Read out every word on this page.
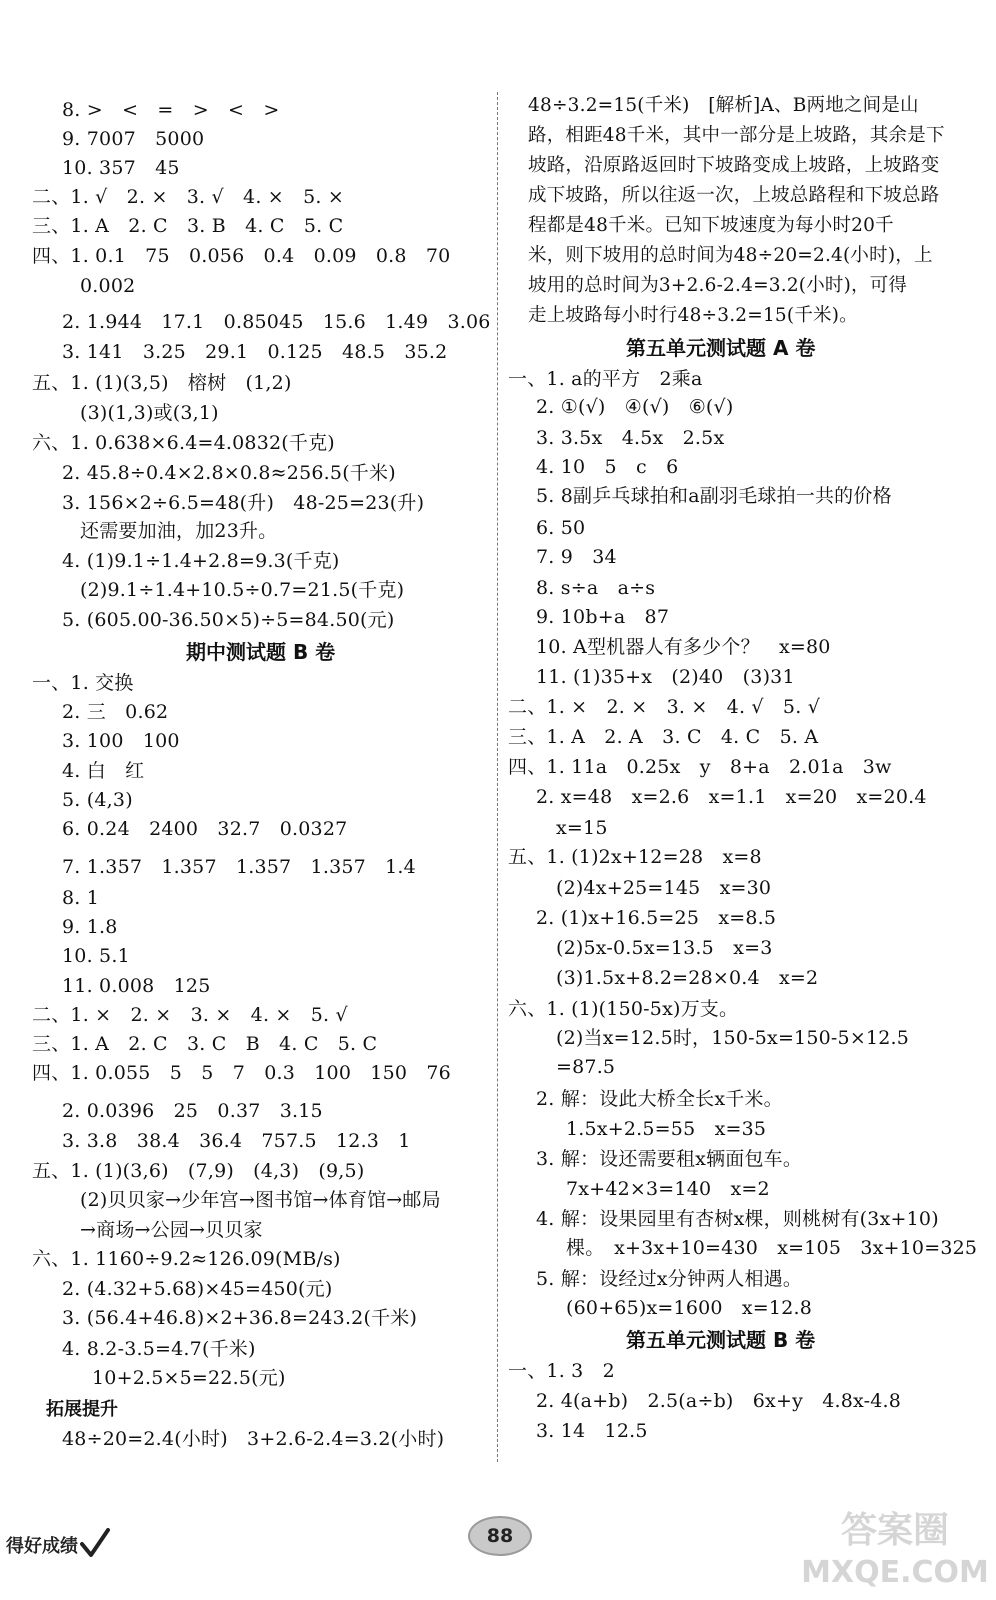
8. >　<　=　>　<　>
9. 7007　5000
10. 357　45
二、1. √　2. ×　3. √　4. ×　5. ×
三、1. A　2. C　3. B　4. C　5. C
四、1. 0.1　75　0.056　0.4　0.09　0.8　70
0.002
2. 1.944　17.1　0.85045　15.6　1.49　3.06
3. 141　3.25　29.1　0.125　48.5　35.2
五、1. (1)(3,5)　榕树　(1,2)
(3)(1,3)或(3,1)
六、1. 0.638×6.4=4.0832(千克)
2. 45.8÷0.4×2.8×0.8≈256.5(千米)
3. 156×2÷6.5=48(升)　48-25=23(升)
还需要加油，加23升。
4. (1)9.1÷1.4+2.8=9.3(千克)
(2)9.1÷1.4+10.5÷0.7=21.5(千克)
5. (605.00-36.50×5)÷5=84.50(元)
期中测试题 B 卷
一、1. 交换
2. 三　0.62
3. 100　100
4. 白　红
5. (4,3)
6. 0.24　2400　32.7　0.0327
7. 1.357　1.357　1.357　1.357　1.4
8. 1
9. 1.8
10. 5.1
11. 0.008　125
二、1. ×　2. ×　3. ×　4. ×　5. √
三、1. A　2. C　3. C　B　4. C　5. C
四、1. 0.055　5　5　7　0.3　100　150　76
2. 0.0396　25　0.37　3.15
3. 3.8　38.4　36.4　757.5　12.3　1
五、1. (1)(3,6)　(7,9)　(4,3)　(9,5)
(2)贝贝家→少年宫→图书馆→体育馆→邮局
→商场→公园→贝贝家
六、1. 1160÷9.2≈126.09(MB/s)
2. (4.32+5.68)×45=450(元)
3. (56.4+46.8)×2+36.8=243.2(千米)
4. 8.2-3.5=4.7(千米)
10+2.5×5=22.5(元)
拓展提升
48÷20=2.4(小时)　3+2.6-2.4=3.2(小时)
48÷3.2=15(千米)　[解析]A、B两地之间是山
路，相距48千米，其中一部分是上坡路，其余是下
坡路，沿原路返回时下坡路变成上坡路，上坡路变
成下坡路，所以往返一次，上坡总路程和下坡总路
程都是48千米。已知下坡速度为每小时20千
米，则下坡用的总时间为48÷20=2.4(小时)，上
坡用的总时间为3+2.6-2.4=3.2(小时)，可得
走上坡路每小时行48÷3.2=15(千米)。
第五单元测试题 A 卷
一、1. a的平方　2乘a
2. ①(√)　④(√)　⑥(√)
3. 3.5x　4.5x　2.5x
4. 10　5　c　6
5. 8副乒乓球拍和a副羽毛球拍一共的价格
6. 50
7. 9　34
8. s÷a　a÷s
9. 10b+a　87
10. A型机器人有多少个？　x=80
11. (1)35+x　(2)40　(3)31
二、1. ×　2. ×　3. ×　4. √　5. √
三、1. A　2. A　3. C　4. C　5. A
四、1. 11a　0.25x　y　8+a　2.01a　3w
2. x=48　x=2.6　x=1.1　x=20　x=20.4
x=15
五、1. (1)2x+12=28　x=8
(2)4x+25=145　x=30
2. (1)x+16.5=25　x=8.5
(2)5x-0.5x=13.5　x=3
(3)1.5x+8.2=28×0.4　x=2
六、1. (1)(150-5x)万支。
(2)当x=12.5时，150-5x=150-5×12.5
=87.5
2. 解：设此大桥全长x千米。
1.5x+2.5=55　x=35
3. 解：设还需要租x辆面包车。
7x+42×3=140　x=2
4. 解：设果园里有杏树x棵，则桃树有(3x+10)
棵。　x+3x+10=430　x=105　3x+10=325
5. 解：设经过x分钟两人相遇。
(60+65)x=1600　x=12.8
第五单元测试题 B 卷
一、1. 3　2
2. 4(a+b)　2.5(a÷b)　6x+y　4.8x-4.8
3. 14　12.5
得好成绩	88	答案圈
MXQE.COM
